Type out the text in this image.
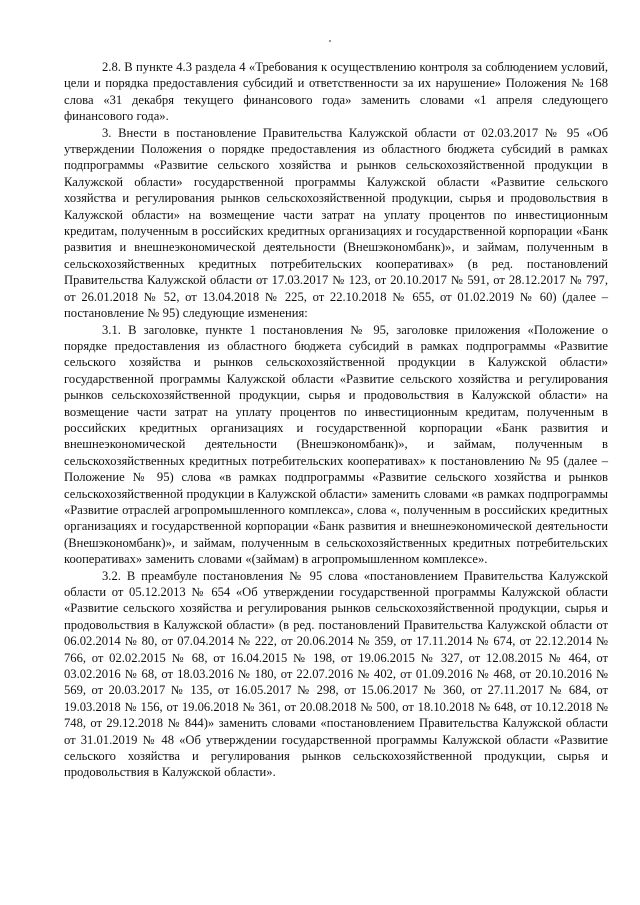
2.8. В пункте 4.3 раздела 4 «Требования к осуществлению контроля за соблюдением условий, цели и порядка предоставления субсидий и ответственности за их нарушение» Положения № 168 слова «31 декабря текущего финансового года» заменить словами «1 апреля следующего финансового года».

3. Внести в постановление Правительства Калужской области от 02.03.2017 № 95 «Об утверждении Положения о порядке предоставления из областного бюджета субсидий в рамках подпрограммы «Развитие сельского хозяйства и рынков сельскохозяйственной продукции в Калужской области» государственной программы Калужской области «Развитие сельского хозяйства и регулирования рынков сельскохозяйственной продукции, сырья и продовольствия в Калужской области» на возмещение части затрат на уплату процентов по инвестиционным кредитам, полученным в российских кредитных организациях и государственной корпорации «Банк развития и внешнеэкономической деятельности (Внешэкономбанк)», и займам, полученным в сельскохозяйственных кредитных потребительских кооперативах» (в ред. постановлений Правительства Калужской области от 17.03.2017 № 123, от 20.10.2017 № 591, от 28.12.2017 № 797, от 26.01.2018 № 52, от 13.04.2018 № 225, от 22.10.2018 № 655, от 01.02.2019 № 60) (далее – постановление № 95) следующие изменения:

3.1. В заголовке, пункте 1 постановления № 95, заголовке приложения «Положение о порядке предоставления из областного бюджета субсидий в рамках подпрограммы «Развитие сельского хозяйства и рынков сельскохозяйственной продукции в Калужской области» государственной программы Калужской области «Развитие сельского хозяйства и регулирования рынков сельскохозяйственной продукции, сырья и продовольствия в Калужской области» на возмещение части затрат на уплату процентов по инвестиционным кредитам, полученным в российских кредитных организациях и государственной корпорации «Банк развития и внешнеэкономической деятельности (Внешэкономбанк)», и займам, полученным в сельскохозяйственных кредитных потребительских кооперативах» к постановлению № 95 (далее – Положение № 95) слова «в рамках подпрограммы «Развитие сельского хозяйства и рынков сельскохозяйственной продукции в Калужской области» заменить словами «в рамках подпрограммы «Развитие отраслей агропромышленного комплекса», слова «, полученным в российских кредитных организациях и государственной корпорации «Банк развития и внешнеэкономической деятельности (Внешэкономбанк)», и займам, полученным в сельскохозяйственных кредитных потребительских кооперативах» заменить словами «(займам) в агропромышленном комплексе».

3.2. В преамбуле постановления № 95 слова «постановлением Правительства Калужской области от 05.12.2013 № 654 «Об утверждении государственной программы Калужской области «Развитие сельского хозяйства и регулирования рынков сельскохозяйственной продукции, сырья и продовольствия в Калужской области» (в ред. постановлений Правительства Калужской области от 06.02.2014 № 80, от 07.04.2014 № 222, от 20.06.2014 № 359, от 17.11.2014 № 674, от 22.12.2014 № 766, от 02.02.2015 № 68, от 16.04.2015 № 198, от 19.06.2015 № 327, от 12.08.2015 № 464, от 03.02.2016 № 68, от 18.03.2016 № 180, от 22.07.2016 № 402, от 01.09.2016 № 468, от 20.10.2016 № 569, от 20.03.2017 № 135, от 16.05.2017 № 298, от 15.06.2017 № 360, от 27.11.2017 № 684, от 19.03.2018 № 156, от 19.06.2018 № 361, от 20.08.2018 № 500, от 18.10.2018 № 648, от 10.12.2018 № 748, от 29.12.2018 № 844)» заменить словами «постановлением Правительства Калужской области от 31.01.2019 № 48 «Об утверждении государственной программы Калужской области «Развитие сельского хозяйства и регулирования рынков сельскохозяйственной продукции, сырья и продовольствия в Калужской области».
